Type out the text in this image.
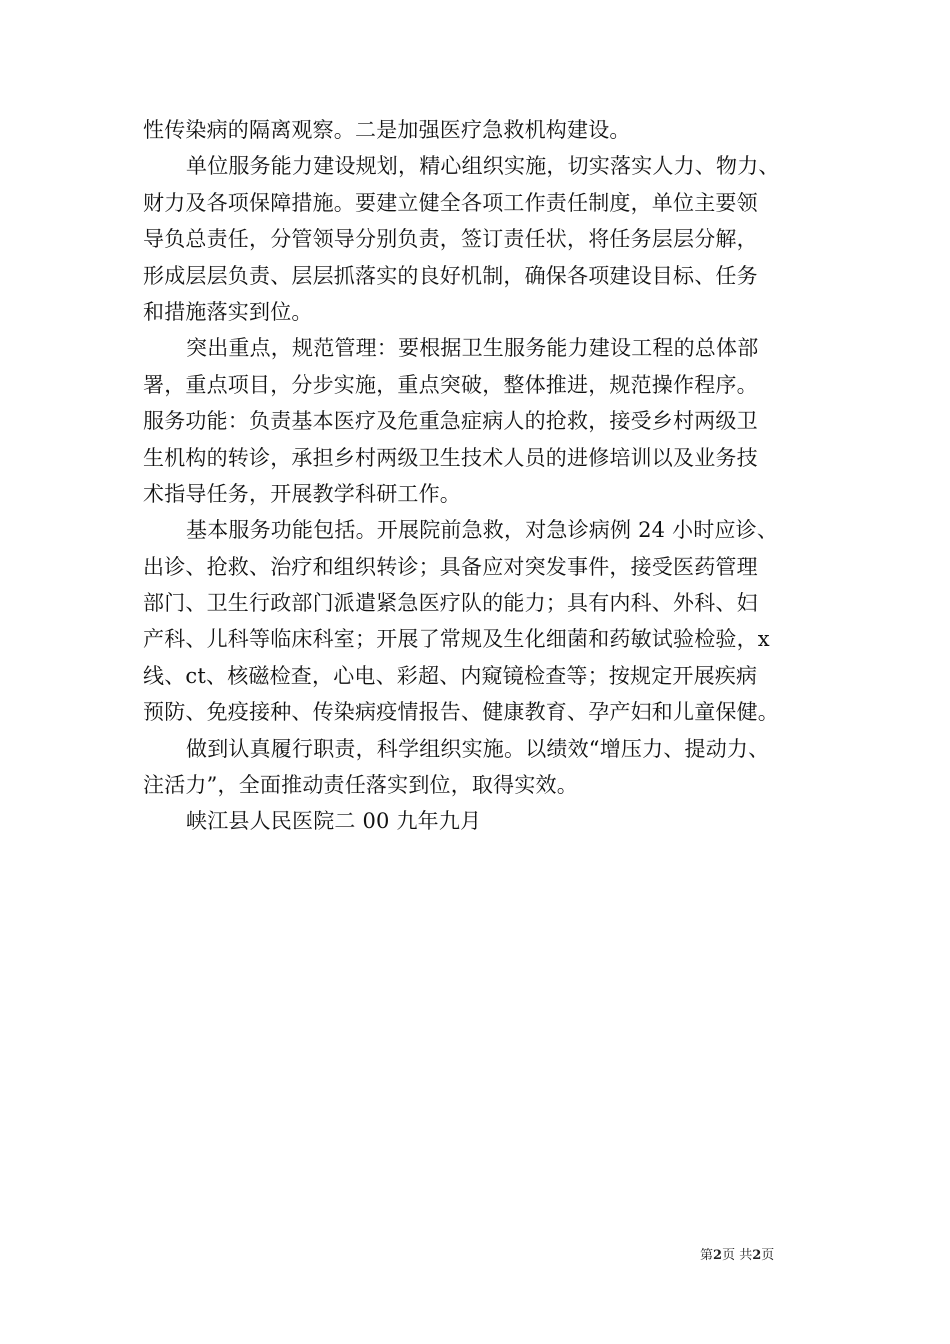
性传染病的隔离观察。二是加强医疗急救机构建设。
单位服务能力建设规划，精心组织实施，切实落实人力、物力、
财力及各项保障措施。要建立健全各项工作责任制度，单位主要领
导负总责任，分管领导分别负责，签订责任状，将任务层层分解，
形成层层负责、层层抓落实的良好机制，确保各项建设目标、任务
和措施落实到位。
突出重点，规范管理：要根据卫生服务能力建设工程的总体部
署，重点项目，分步实施，重点突破，整体推进，规范操作程序。
服务功能：负责基本医疗及危重急症病人的抢救，接受乡村两级卫
生机构的转诊，承担乡村两级卫生技术人员的进修培训以及业务技
术指导任务，开展教学科研工作。
基本服务功能包括。开展院前急救，对急诊病例 24 小时应诊、
出诊、抢救、治疗和组织转诊；具备应对突发事件，接受医药管理
部门、卫生行政部门派遣紧急医疗队的能力；具有内科、外科、妇
产科、儿科等临床科室；开展了常规及生化细菌和药敏试验检验，x
线、ct、核磁检查，心电、彩超、内窥镜检查等；按规定开展疾病
预防、免疫接种、传染病疫情报告、健康教育、孕产妇和儿童保健。
做到认真履行职责，科学组织实施。以绩效“增压力、提动力、
注活力”，全面推动责任落实到位，取得实效。
峡江县人民医院二 00 九年九月
第2页 共2页
